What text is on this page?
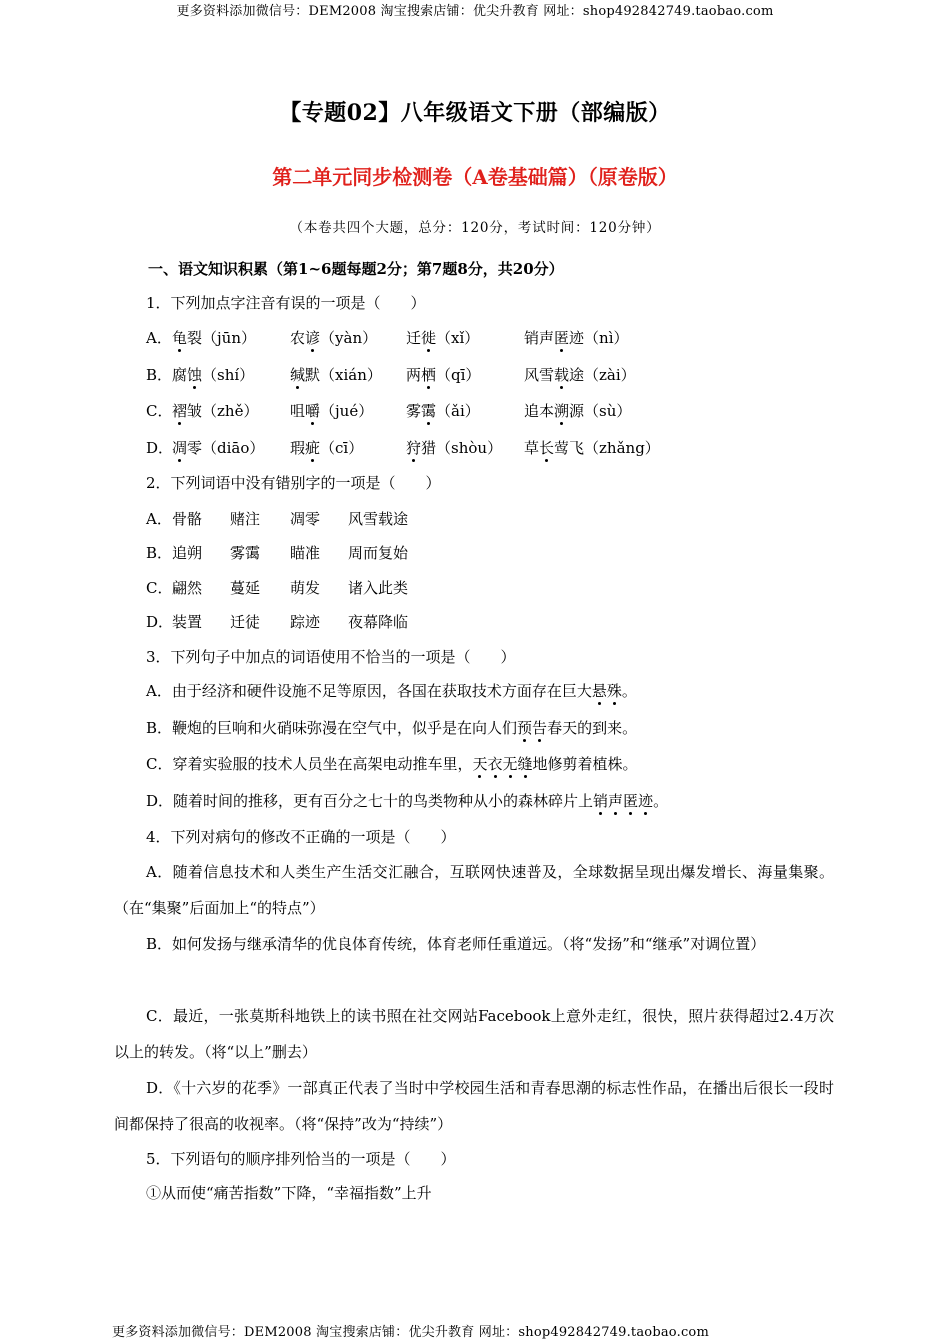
更多资料添加微信号：DEM2008 淘宝搜索店铺：优尖升教育 网址：shop492842749.taobao.com
【专题02】八年级语文下册（部编版）
第二单元同步检测卷（A卷基础篇）（原卷版）
（本卷共四个大题，总分：120分，考试时间：120分钟）
一、语文知识积累（第1~6题每题2分；第7题8分，共20分）
1．下列加点字注音有误的一项是（　　）
A． 龟裂（jūn） 农谚（yàn） 迁徙（xǐ）	销声匿迹（nì）
B． 腐蚀（shí） 缄默（xián） 两栖（qī）	风雪载途（zài）
C． 褶皱（zhě） 咀嚼（jué） 雾霭（ǎi）	追本溯源（sù）
D．
凋零（diāo） 瑕疵（cī）	狩猎（shòu） 草长莺飞（zhǎng）
2．下列词语中没有错别字的一项是（　　）
A． 骨骼 赌注 凋零 风雪载途
B． 追朔 雾霭 瞄准 周而复始
C． 翩然 蔓延 萌发 诸入此类
D．
装置 迁徒 踪迹 夜幕降临
3．下列句子中加点的词语使用不恰当的一项是（　　）
A．由于经济和硬件设施不足等原因，各国在获取技术方面存在巨大悬殊。
B．鞭炮的巨响和火硝味弥漫在空气中，似乎是在向人们预告春天的到来。
C．穿着实验服的技术人员坐在高架电动推车里，天衣无缝地修剪着植株。
D．随着时间的推移，更有百分之七十的鸟类物种从小的森林碎片上销声匿迹。
4．下列对病句的修改不正确的一项是（　　）
A．随着信息技术和人类生产生活交汇融合，互联网快速普及，全球数据呈现出爆发增长、海量集聚。（在“集聚”后面加上“的特点”）
B．如何发扬与继承清华的优良体育传统，体育老师任重道远。（将“发扬”和“继承”对调位置）
C．最近，一张莫斯科地铁上的读书照在社交网站Facebook上意外走红，很快，照片获得超过2.4万次以上的转发。（将“以上”删去）
D．《十六岁的花季》一部真正代表了当时中学校园生活和青春思潮的标志性作品，在播出后很长一段时间都保持了很高的收视率。（将“保持”改为“持续”）
5．下列语句的顺序排列恰当的一项是（　　）
①从而使“痛苦指数”下降，“幸福指数”上升
更多资料添加微信号：DEM2008 淘宝搜索店铺：优尖升教育 网址：shop492842749.taobao.com
